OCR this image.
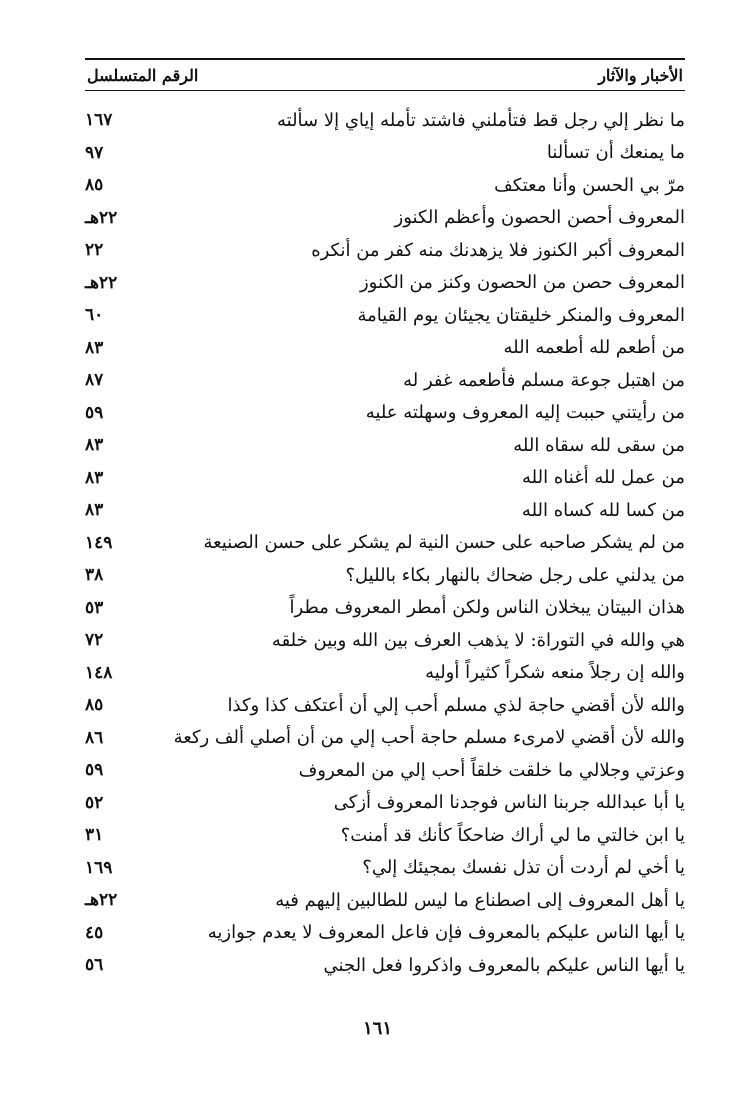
الأخبار والآثار
الرقم المتسلسل
ما نظر إلي رجل قط فتأملني فاشتد تأمله إياي إلا سألته
١٦٧
ما يمنعك أن تسألنا
٩٧
مرّ بي الحسن وأنا معتكف
٨٥
المعروف أحصن الحصون وأعظم الكنوز
٢٢هـ
المعروف أكبر الكنوز فلا يزهدنك منه كفر من أنكره
٢٢
المعروف حصن من الحصون وكنز من الكنوز
٢٢هـ
المعروف والمنكر خليقتان يجيئان يوم القيامة
٦٠
من أطعم لله أطعمه الله
٨٣
من اهتبل جوعة مسلم فأطعمه غفر له
٨٧
من رأيتني حببت إليه المعروف وسهلته عليه
٥٩
من سقى لله سقاه الله
٨٣
من عمل لله أغناه الله
٨٣
من كسا لله كساه الله
٨٣
من لم يشكر صاحبه على حسن النية لم يشكر على حسن الصنيعة
١٤٩
من يدلني على رجل ضحاك بالنهار بكاء بالليل؟
٣٨
هذان البيتان يبخلان الناس ولكن أمطر المعروف مطراً
٥٣
هي والله في التوراة: لا يذهب العرف بين الله وبين خلقه
٧٢
والله إن رجلاً منعه شكراً كثيراً أوليه
١٤٨
والله لأن أقضي حاجة لذي مسلم أحب إلي أن أعتكف كذا وكذا
٨٥
والله لأن أقضي لامرىء مسلم حاجة أحب إلي من أن أصلي ألف ركعة
٨٦
وعزتي وجلالي ما خلقت خلقاً أحب إلي من المعروف
٥٩
يا أبا عبدالله جربنا الناس فوجدنا المعروف أزكى
٥٢
يا ابن خالتي ما لي أراك ضاحكاً كأنك قد أمنت؟
٣١
يا أخي لم أردت أن تذل نفسك بمجيئك إلي؟
١٦٩
يا أهل المعروف إلى اصطناع ما ليس للطالبين إليهم فيه
٢٢هـ
يا أيها الناس عليكم بالمعروف فإن فاعل المعروف لا يعدم جوازيه
٤٥
يا أيها الناس عليكم بالمعروف واذكروا فعل الجني
٥٦
١٦١
